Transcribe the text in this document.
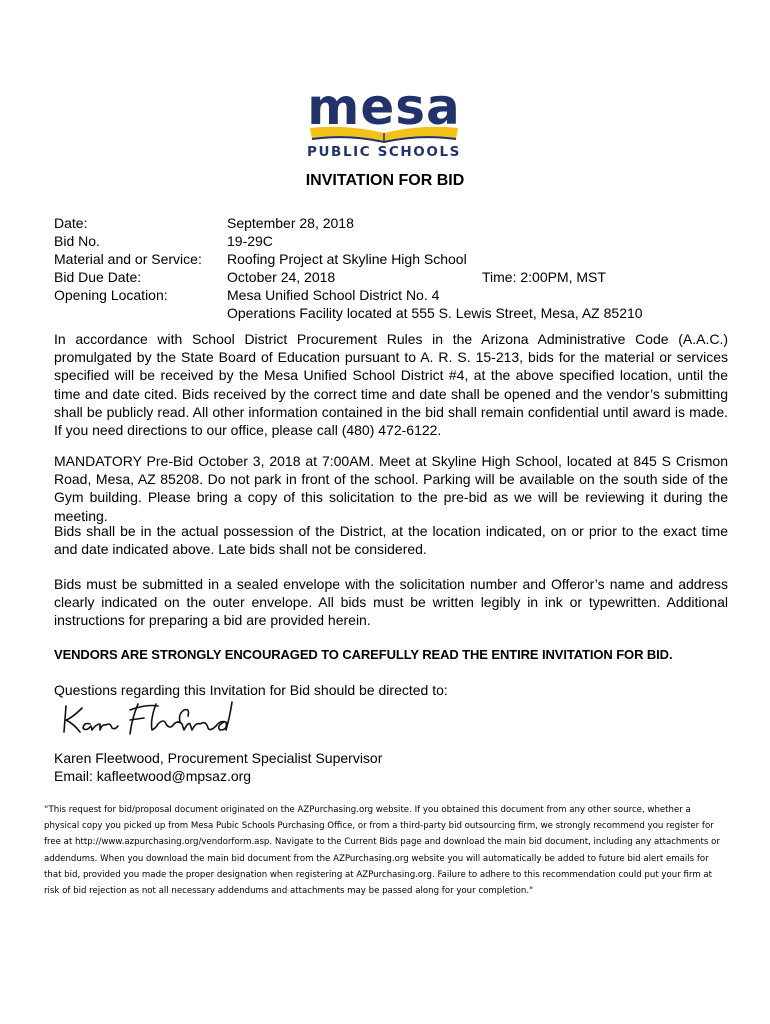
mesa
PUBLIC SCHOOLS
INVITATION FOR BID
Date:	September 28, 2018
Bid No.	19-29C
Material and or Service: Roofing Project at Skyline High School
Bid Due Date:	October 24, 2018	Time: 2:00PM, MST
Opening Location:	Mesa Unified School District No. 4
Operations Facility located at 555 S. Lewis Street, Mesa, AZ 85210

In accordance with School District Procurement Rules in the Arizona Administrative Code (A.A.C.) promulgated by the State Board of Education pursuant to A. R. S. 15-213, bids for the material or services specified will be received by the Mesa Unified School District #4, at the above specified location, until the time and date cited. Bids received by the correct time and date shall be opened and the vendor’s submitting shall be publicly read. All other information contained in the bid shall remain confidential until award is made. If you need directions to our office, please call (480) 472-6122.

MANDATORY Pre-Bid October 3, 2018 at 7:00AM. Meet at Skyline High School, located at 845 S Crismon Road, Mesa, AZ 85208. Do not park in front of the school. Parking will be available on the south side of the Gym building. Please bring a copy of this solicitation to the pre-bid as we will be reviewing it during the meeting.

Bids shall be in the actual possession of the District, at the location indicated, on or prior to the exact time and date indicated above. Late bids shall not be considered.

Bids must be submitted in a sealed envelope with the solicitation number and Offeror’s name and address clearly indicated on the outer envelope. All bids must be written legibly in ink or typewritten. Additional instructions for preparing a bid are provided herein.

VENDORS ARE STRONGLY ENCOURAGED TO CAREFULLY READ THE ENTIRE INVITATION FOR BID.
Questions regarding this Invitation for Bid should be directed to:
Karen Fleetwood, Procurement Specialist Supervisor
Email: kafleetwood@mpsaz.org

“This request for bid/proposal document originated on the AZPurchasing.org website. If you obtained this document from any other source, whether a physical copy you picked up from Mesa Pubic Schools Purchasing Office, or from a third-party bid outsourcing firm, we strongly recommend you register for free at http://www.azpurchasing.org/vendorform.asp. Navigate to the Current Bids page and download the main bid document, including any attachments or addendums. When you download the main bid document from the AZPurchasing.org website you will automatically be added to future bid alert emails for that bid, provided you made the proper designation when registering at AZPurchasing.org. Failure to adhere to this recommendation could put your firm at risk of bid rejection as not all necessary addendums and attachments may be passed along for your completion."
